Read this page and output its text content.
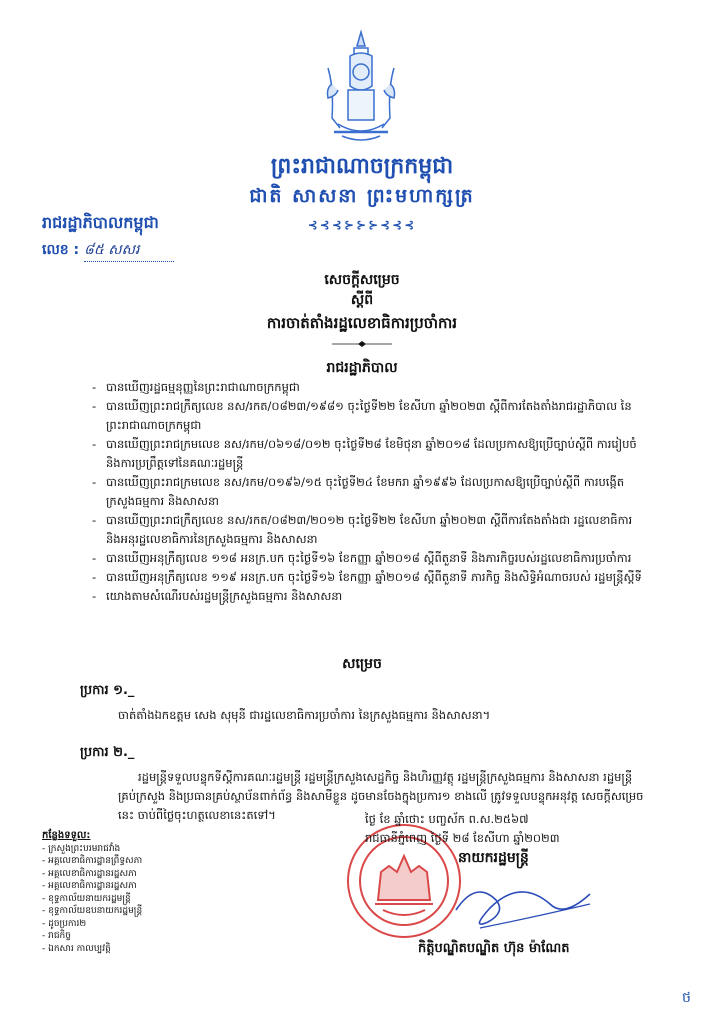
ព្រះរាជាណាចក្រកម្ពុជា
ជាតិ សាសនា ព្រះមហាក្សត្រ
⊰⊰⊰⊱⊱⊱⊰⊰⊰
រាជរដ្ឋាភិបាលកម្ពុជា
លេខ : ៨៥ សសរ
សេចក្តីសម្រេច
ស្តីពី
ការចាត់តាំងរដ្ឋលេខាធិការប្រចាំការ
រាជរដ្ឋាភិបាល
- បានឃើញរដ្ឋធម្មនុញ្ញនៃព្រះរាជាណាចក្រកម្ពុជា
- បានឃើញព្រះរាជក្រឹត្យលេខ នស/រកត/០៨២៣/១៩៨១ ចុះថ្ងៃទី២២ ខែសីហា ឆ្នាំ២០២៣ ស្តីពីការតែងតាំងរាជរដ្ឋាភិបាល នៃព្រះរាជាណាចក្រកម្ពុជា
- បានឃើញព្រះរាជក្រមលេខ នស/រកម/០៦១៨/០១២ ចុះថ្ងៃទី២៨ ខែមិថុនា ឆ្នាំ២០១៨ ដែលប្រកាសឱ្យប្រើច្បាប់ស្តីពី ការរៀបចំ និងការប្រព្រឹត្តទៅនៃគណៈរដ្ឋមន្ត្រី
- បានឃើញព្រះរាជក្រមលេខ នស/រកម/០១៩៦/១៥ ចុះថ្ងៃទី២៤ ខែមករា ឆ្នាំ១៩៩៦ ដែលប្រកាសឱ្យប្រើច្បាប់ស្តីពី ការបង្កើតក្រសួងធម្មការ និងសាសនា
- បានឃើញព្រះរាជក្រឹត្យលេខ នស/រកត/០៨២៣/២០១២ ចុះថ្ងៃទី២២ ខែសីហា ឆ្នាំ២០២៣ ស្តីពីការតែងតាំងជា រដ្ឋលេខាធិការ និងអនុរដ្ឋលេខាធិការនៃក្រសួងធម្មការ និងសាសនា
- បានឃើញអនុក្រឹត្យលេខ ១១៨ អនក្រ.បក ចុះថ្ងៃទី១៦ ខែកញ្ញា ឆ្នាំ២០១៨ ស្តីពីតួនាទី និងភារកិច្ចរបស់រដ្ឋលេខាធិការប្រចាំការ
- បានឃើញអនុក្រឹត្យលេខ ១១៩ អនក្រ.បក ចុះថ្ងៃទី១៦ ខែកញ្ញា ឆ្នាំ២០១៨ ស្តីពីតួនាទី ភារកិច្ច និងសិទ្ធិអំណាចរបស់ រដ្ឋមន្ត្រីស្តីទី
- យោងតាមសំណើរបស់រដ្ឋមន្ត្រីក្រសួងធម្មការ និងសាសនា
សម្រេច
ប្រការ ១._
ចាត់តាំងឯកឧត្តម សេង សុមុនី ជារដ្ឋលេខាធិការប្រចាំការ នៃក្រសួងធម្មការ និងសាសនា។
ប្រការ ២._
រដ្ឋមន្ត្រីទទួលបន្ទុកទីស្តីការគណៈរដ្ឋមន្ត្រី រដ្ឋមន្ត្រីក្រសួងសេដ្ឋកិច្ច និងហិរញ្ញវត្ថុ រដ្ឋមន្ត្រីក្រសួងធម្មការ និងសាសនា រដ្ឋមន្ត្រីគ្រប់ក្រសួង និងប្រធានគ្រប់ស្ថាប័នពាក់ព័ន្ធ និងសាមីខ្លួន ដូចមានចែងក្នុងប្រការ១ ខាងលើ ត្រូវទទួលបន្ទុកអនុវត្ត សេចក្តីសម្រេចនេះ ចាប់ពីថ្ងៃចុះហត្ថលេខានេះតទៅ។	ថ្ងៃ ខែ ឆ្នាំថោះ បញ្ចស័ក ព.ស.២៥៦៧
រាជធានីភ្នំពេញ ថ្ងៃទី ២៨ ខែសីហា ឆ្នាំ២០២៣
នាយករដ្ឋមន្ត្រី
កិត្តិបណ្ឌិតបណ្ឌិត ហ៊ុន ម៉ាណែត
កន្លែងទទួល:
- ក្រសួងព្រះបរមរាជវាំង
- អគ្គលេខាធិការដ្ឋានព្រឹទ្ធសភា
- អគ្គលេខាធិការដ្ឋានរដ្ឋសភា
- អគ្គលេខាធិការដ្ឋានរដ្ឋសភា
- ខុទ្ទកាល័យនាយករដ្ឋមន្ត្រី
- ខុទ្ទកាល័យឧបនាយករដ្ឋមន្ត្រី
- ដូចប្រការ២
- រាជកិច្ច
- ឯកសារ កាលប្បវត្តិ
ថ
